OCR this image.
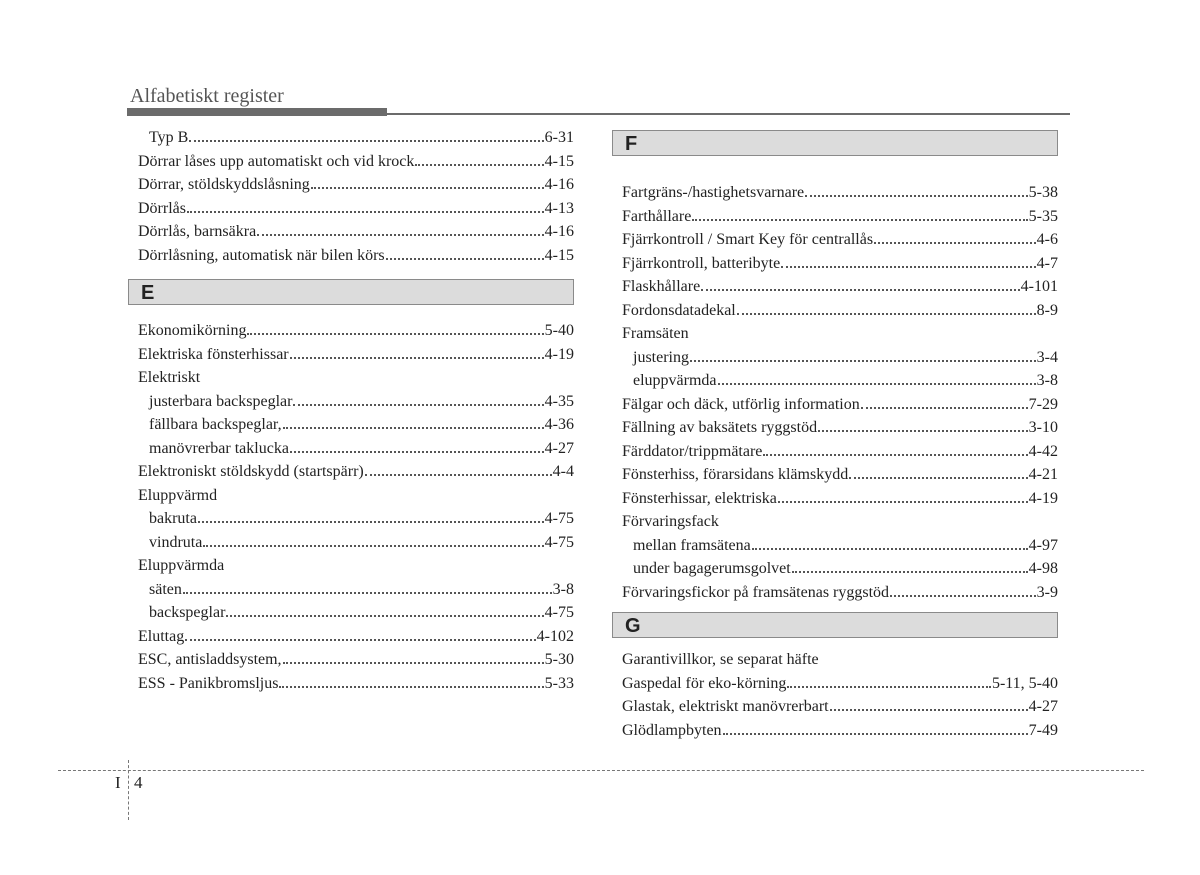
Alfabetiskt register
Typ B	6-31
Dörrar låses upp automatiskt och vid krock	4-15
Dörrar, stöldskyddslåsning	4-16
Dörrlås	4-13
Dörrlås, barnsäkra	4-16
Dörrlåsning, automatisk när bilen körs	4-15
E
Ekonomikörning	5-40
Elektriska fönsterhissar	4-19
Elektriskt
justerbara backspeglar	4-35
fällbara backspeglar,	4-36
manövrerbar taklucka	4-27
Elektroniskt stöldskydd (startspärr)	4-4
Eluppvärmd
bakruta	4-75
vindruta	4-75
Eluppvärmda
säten	3-8
backspeglar	4-75
Eluttag	4-102
ESC, antisladdsystem,	5-30
ESS - Panikbromsljus	5-33
F
Fartgräns-/hastighetsvarnare	5-38
Farthållare	5-35
Fjärrkontroll / Smart Key för centrallås	4-6
Fjärrkontroll, batteribyte	4-7
Flaskhållare	4-101
Fordonsdatadekal	8-9
Framsäten
justering	3-4
eluppvärmda	3-8
Fälgar och däck, utförlig information	7-29
Fällning av baksätets ryggstöd	3-10
Färddator/trippmätare	4-42
Fönsterhiss, förarsidans klämskydd	4-21
Fönsterhissar, elektriska	4-19
Förvaringsfack
mellan framsätena	4-97
under bagagerumsgolvet	4-98
Förvaringsfickor på framsätenas ryggstöd	3-9
G
Garantivillkor, se separat häfte
Gaspedal för eko-körning	5-11, 5-40
Glastak, elektriskt manövrerbart	4-27
Glödlampbyten	7-49
I 4
